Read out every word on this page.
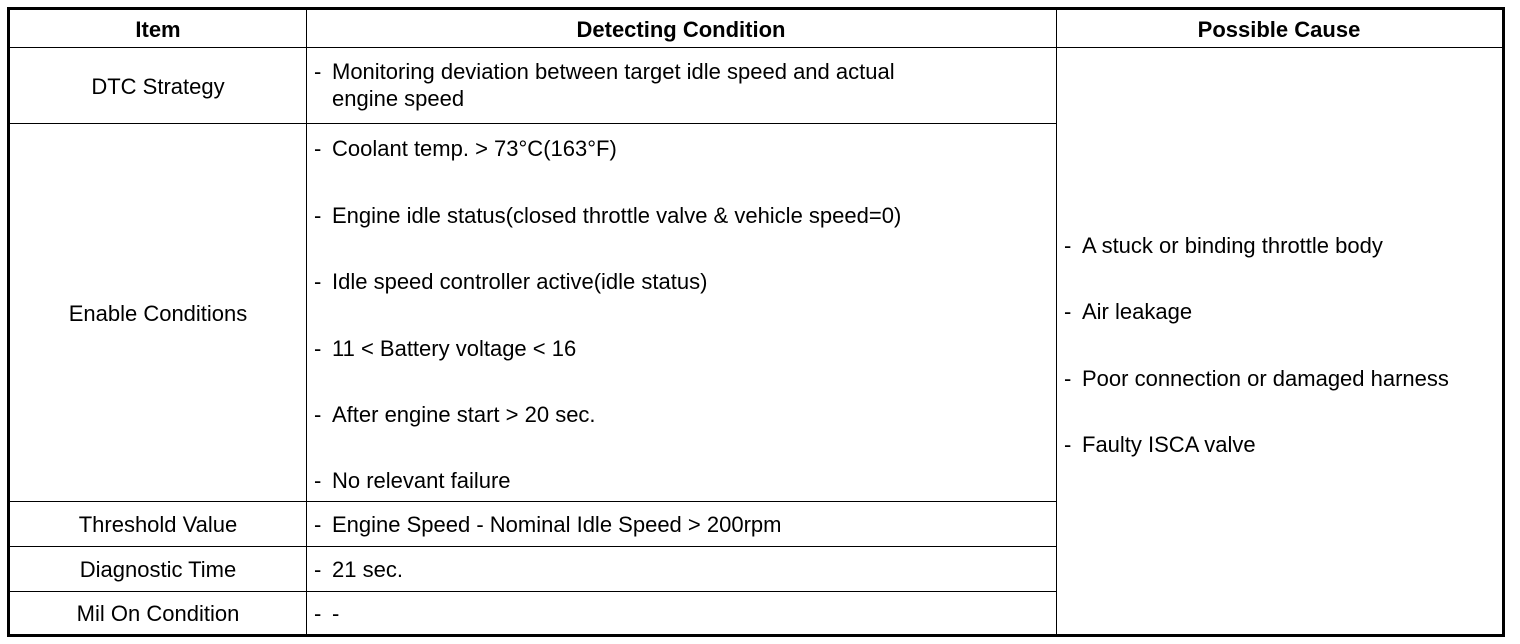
Item	Detecting Condition	Possible Cause
DTC Strategy
Enable Conditions
Threshold Value
Diagnostic Time
Mil On Condition
- Monitoring deviation between target idle speed and actual
engine speed
- Coolant temp. > 73°C(163°F)
- Engine idle status(closed throttle valve & vehicle speed=0)
- Idle speed controller active(idle status)
- 11 < Battery voltage < 16
- After engine start > 20 sec.
- No relevant failure
- Engine Speed - Nominal Idle Speed > 200rpm
- 21 sec.
- -
- A stuck or binding throttle body
- Air leakage
- Poor connection or damaged harness
- Faulty ISCA valve
